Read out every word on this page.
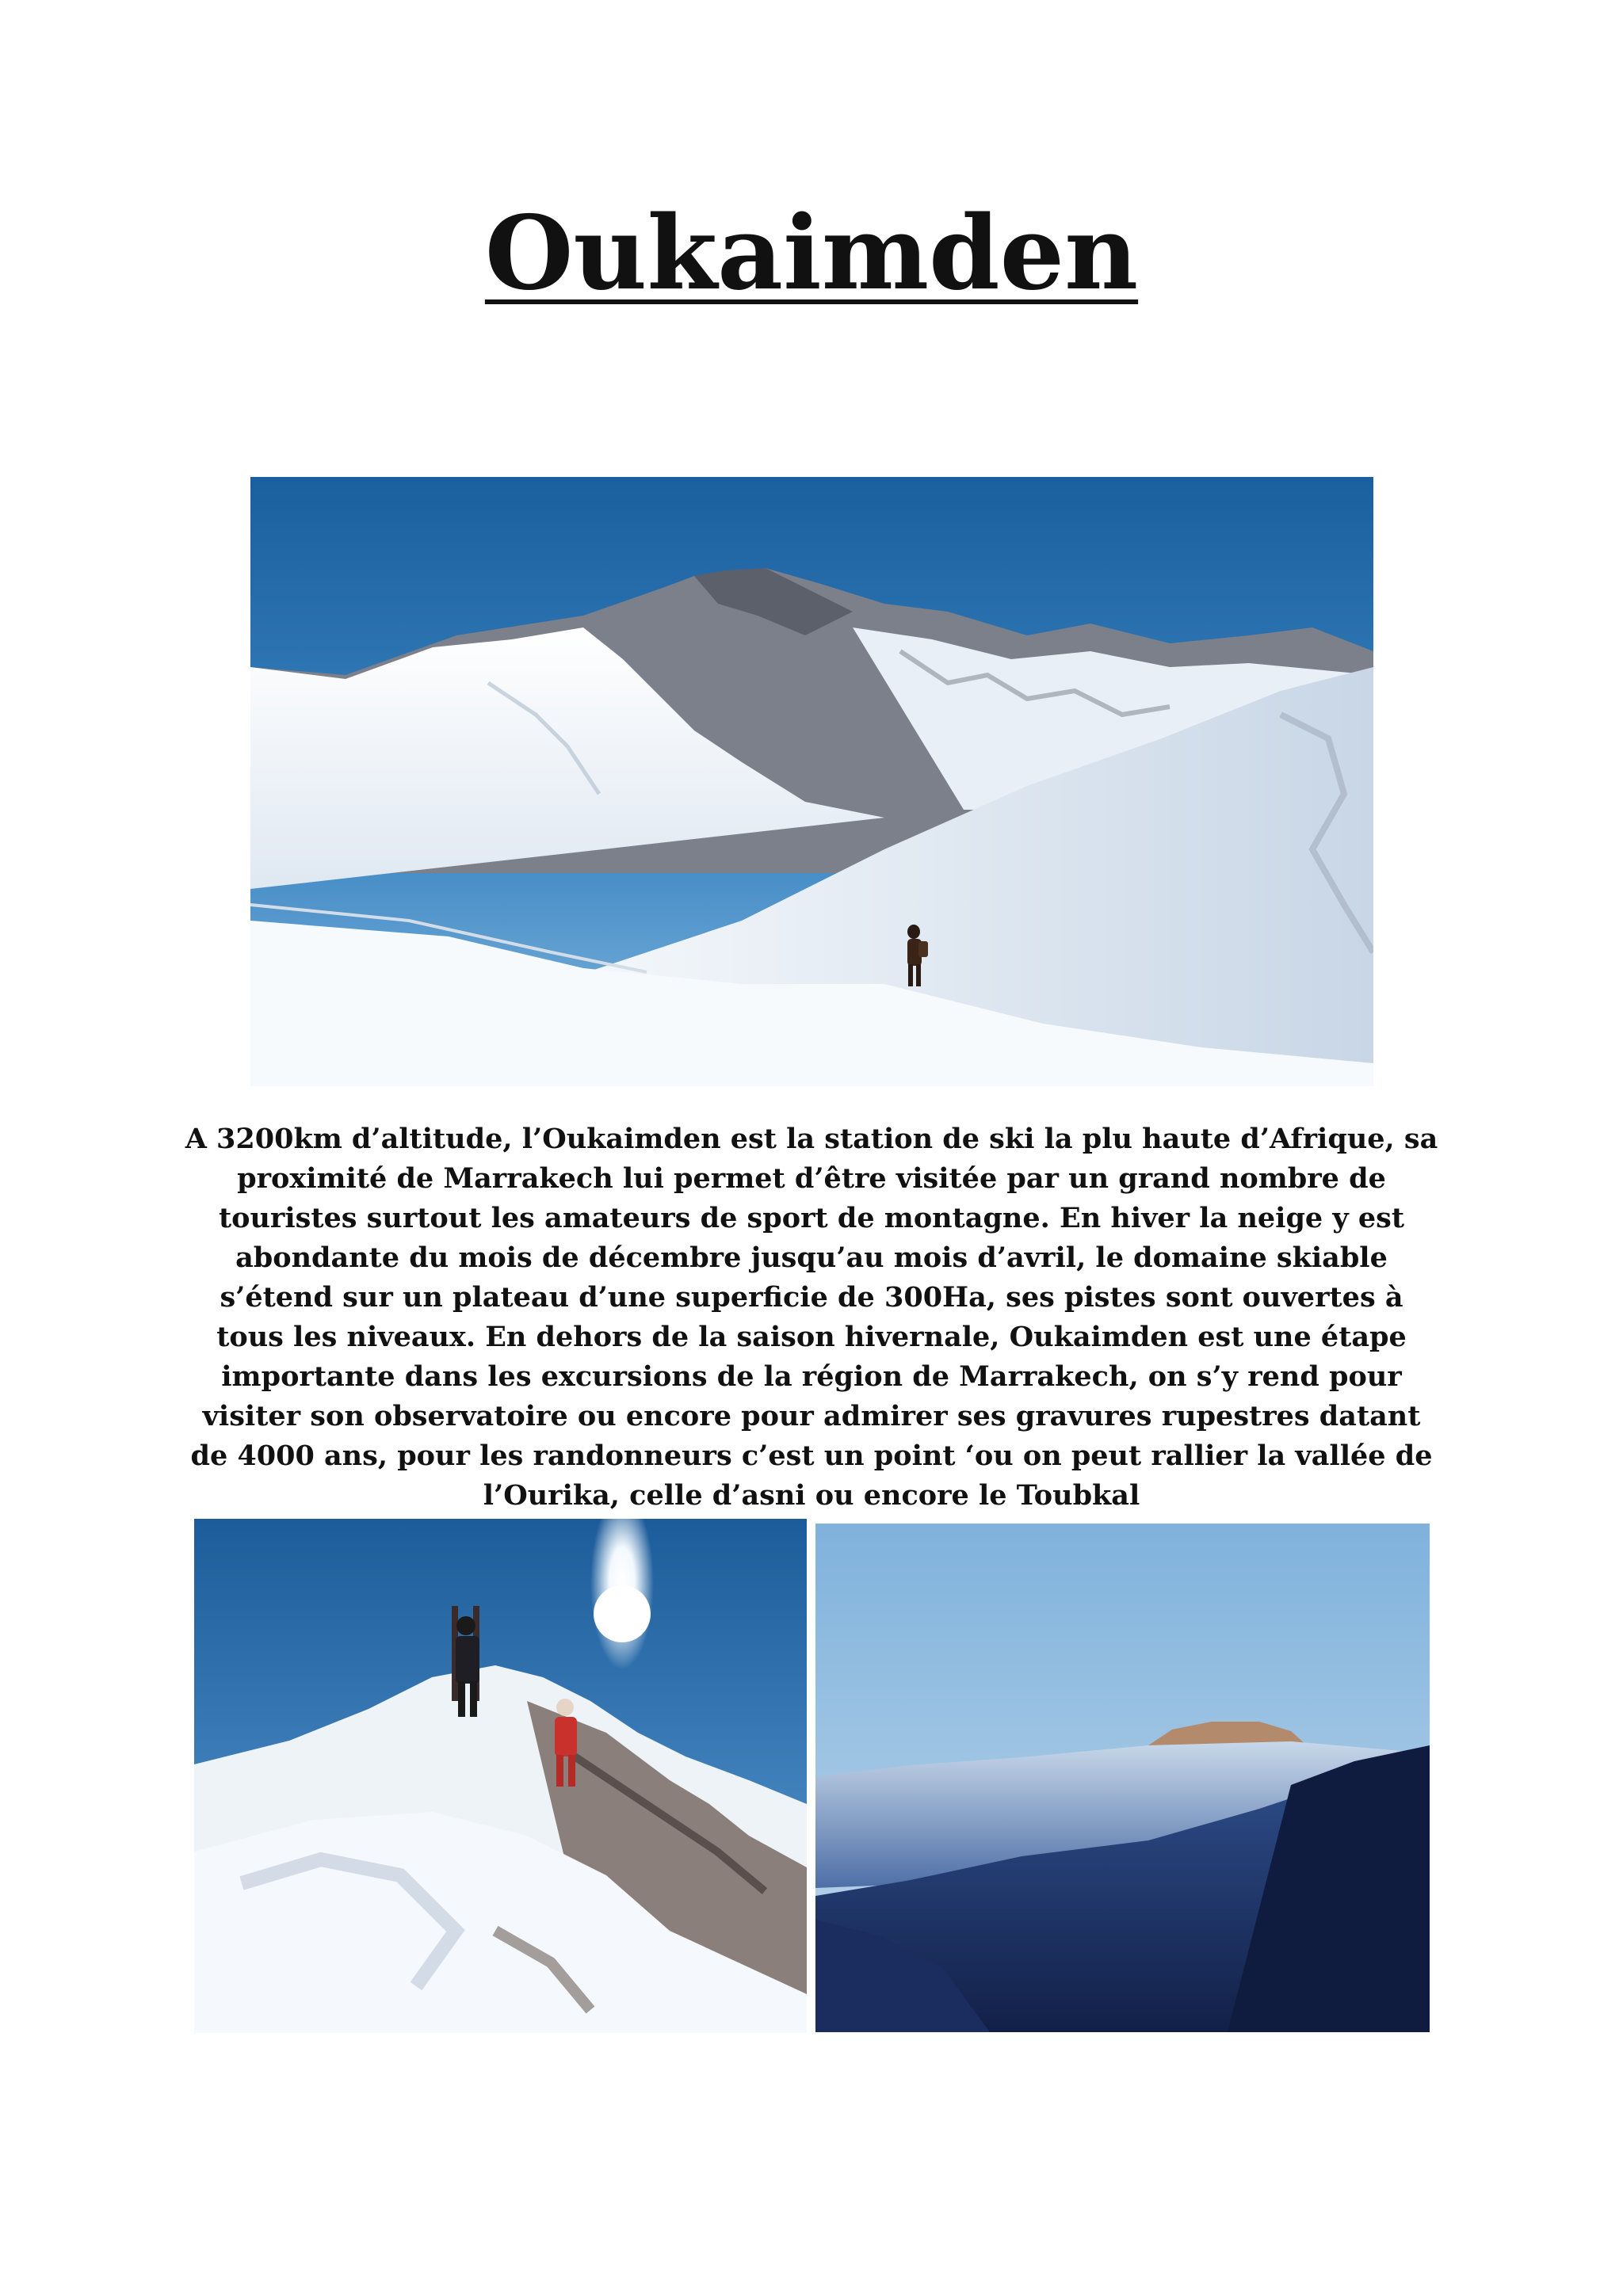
Oukaimden

A 3200km d’altitude, l’Oukaimden est la station de ski la plu haute d’Afrique, sa proximité de Marrakech lui permet d’être visitée par un grand nombre de touristes surtout les amateurs de sport de montagne. En hiver la neige y est abondante du mois de décembre jusqu’au mois d’avril, le domaine skiable s’étend sur un plateau d’une superficie de 300Ha, ses pistes sont ouvertes à tous les niveaux. En dehors de la saison hivernale, Oukaimden est une étape importante dans les excursions de la région de Marrakech, on s’y rend pour visiter son observatoire ou encore pour admirer ses gravures rupestres datant de 4000 ans, pour les randonneurs c’est un point ‘ou on peut rallier la vallée de l’Ourika, celle d’asni ou encore le Toubkal
